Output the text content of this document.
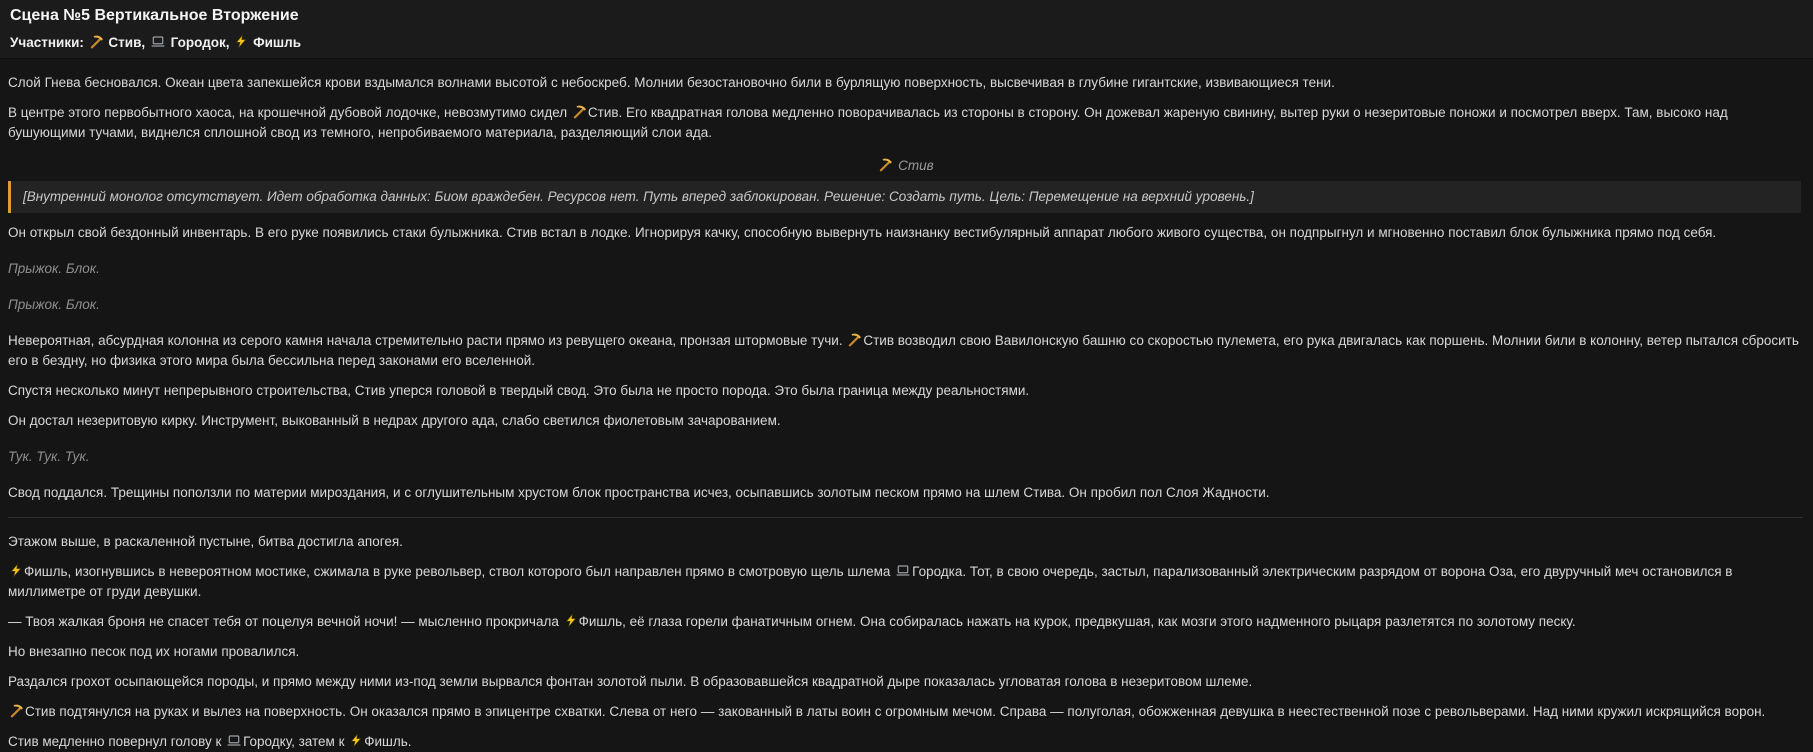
Сцена №5 Вертикальное Вторжение
Участники: Стив,  Городок,  Фишль
Слой Гнева бесновался. Океан цвета запекшейся крови вздымался волнами высотой с небоскреб. Молнии безостановочно били в бурлящую поверхность, высвечивая в глубине гигантские, извивающиеся тени.
В центре этого первобытного хаоса, на крошечной дубовой лодочке, невозмутимо сидел Стив. Его квадратная голова медленно поворачивалась из стороны в сторону. Он дожевал жареную свинину, вытер руки о незеритовые поножи и посмотрел вверх. Там, высоко над бушующими тучами, виднелся сплошной свод из темного, непробиваемого материала, разделяющий слои ада.
Стив
[Внутренний монолог отсутствует. Идет обработка данных: Биом враждебен. Ресурсов нет. Путь вперед заблокирован. Решение: Создать путь. Цель: Перемещение на верхний уровень.]
Он открыл свой бездонный инвентарь. В его руке появились стаки булыжника. Стив встал в лодке. Игнорируя качку, способную вывернуть наизнанку вестибулярный аппарат любого живого существа, он подпрыгнул и мгновенно поставил блок булыжника прямо под себя.
Прыжок. Блок.
Прыжок. Блок.
Невероятная, абсурдная колонна из серого камня начала стремительно расти прямо из ревущего океана, пронзая штормовые тучи. Стив возводил свою Вавилонскую башню со скоростью пулемета, его рука двигалась как поршень. Молнии били в колонну, ветер пытался сбросить его в бездну, но физика этого мира была бессильна перед законами его вселенной.
Спустя несколько минут непрерывного строительства, Стив уперся головой в твердый свод. Это была не просто порода. Это была граница между реальностями.
Он достал незеритовую кирку. Инструмент, выкованный в недрах другого ада, слабо светился фиолетовым зачарованием.
Тук. Тук. Тук.
Свод поддался. Трещины поползли по материи мироздания, и с оглушительным хрустом блок пространства исчез, осыпавшись золотым песком прямо на шлем Стива. Он пробил пол Слоя Жадности.
Этажом выше, в раскаленной пустыне, битва достигла апогея.
Фишль, изогнувшись в невероятном мостике, сжимала в руке револьвер, ствол которого был направлен прямо в смотровую щель шлема Городка. Тот, в свою очередь, застыл, парализованный электрическим разрядом от ворона Оза, его двуручный меч остановился в миллиметре от груди девушки.
— Твоя жалкая броня не спасет тебя от поцелуя вечной ночи! — мысленно прокричала Фишль, её глаза горели фанатичным огнем. Она собиралась нажать на курок, предвкушая, как мозги этого надменного рыцаря разлетятся по золотому песку.
Но внезапно песок под их ногами провалился.
Раздался грохот осыпающейся породы, и прямо между ними из-под земли вырвался фонтан золотой пыли. В образовавшейся квадратной дыре показалась угловатая голова в незеритовом шлеме.
Стив подтянулся на руках и вылез на поверхность. Он оказался прямо в эпицентре схватки. Слева от него — закованный в латы воин с огромным мечом. Справа — полуголая, обожженная девушка в неестественной позе с револьверами. Над ними кружил искрящийся ворон.
Стив медленно повернул голову к Городку, затем к Фишль.
